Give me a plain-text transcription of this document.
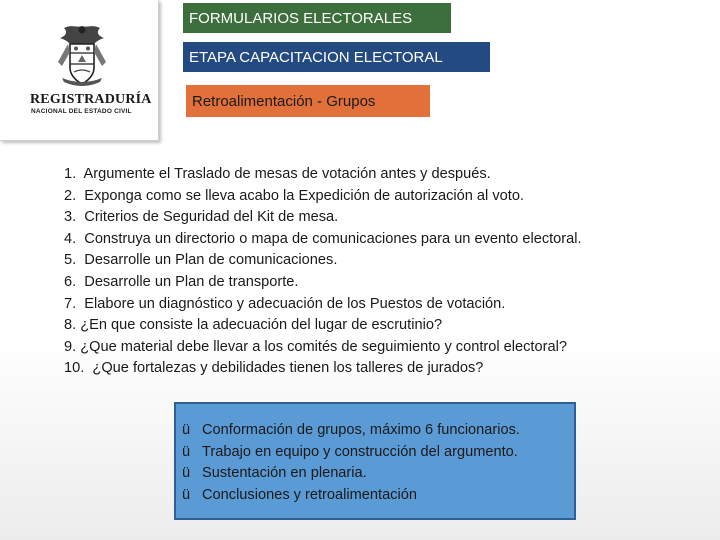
REGISTRADURÍA
NACIONAL DEL ESTADO CIVIL
FORMULARIOS ELECTORALES
ETAPA CAPACITACION ELECTORAL
Retroalimentación - Grupos
1. Argumente el Traslado de mesas de votación antes y después.
2. Exponga como se lleva acabo la Expedición de autorización al voto.
3. Criterios de Seguridad del Kit de mesa.
4. Construya un directorio o mapa de comunicaciones para un evento electoral.
5. Desarrolle un Plan de comunicaciones.
6. Desarrolle un Plan de transporte.
7. Elabore un diagnóstico y adecuación de los Puestos de votación.
8. ¿En que consiste la adecuación del lugar de escrutinio?
9. ¿Que material debe llevar a los comités de seguimiento y control electoral?
10. ¿Que fortalezas y debilidades tienen los talleres de jurados?
ü Conformación de grupos, máximo 6 funcionarios.
ü Trabajo en equipo y construcción del argumento.
ü Sustentación en plenaria.
ü Conclusiones y retroalimentación
